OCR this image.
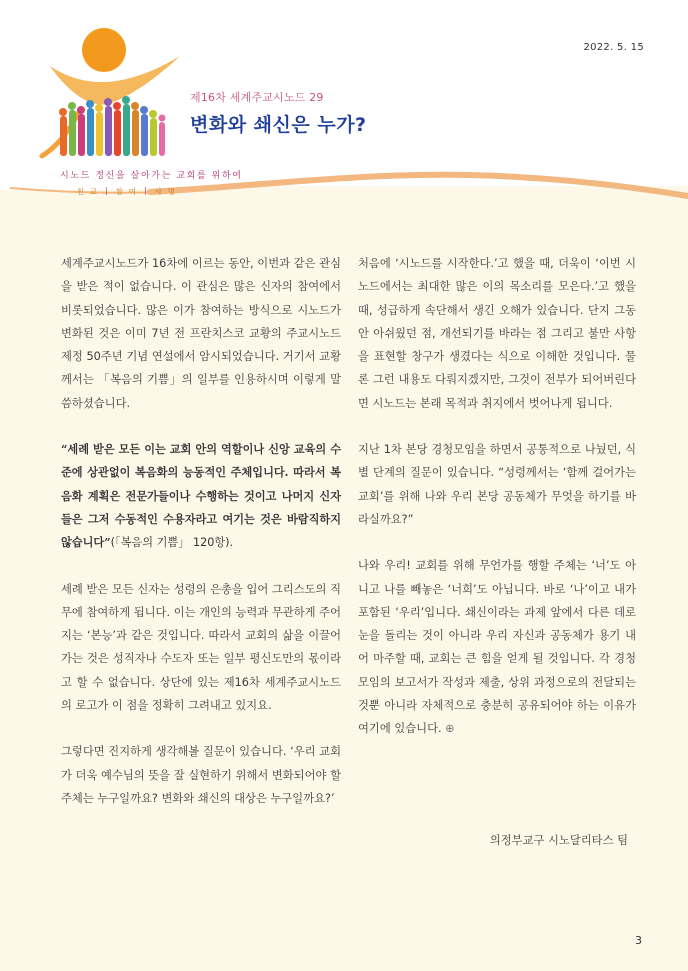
2022. 5. 15
제16차 세계주교시노드 29
변화와 쇄신은 누가?
시노드 정신을 살아가는 교회를 위하여
친 교	|	참 여	|	사 명

세계주교시노드가 16차에 이르는 동안, 이번과 같은 관심을 받은 적이 없습니다. 이 관심은 많은 신자의 참여에서 비롯되었습니다. 많은 이가 참여하는 방식으로 시노드가 변화된 것은 이미 7년 전 프란치스코 교황의 주교시노드 제정 50주년 기념 연설에서 암시되었습니다. 거기서 교황께서는 「복음의 기쁨」의 일부를 인용하시며 이렇게 말씀하셨습니다.

“세례 받은 모든 이는 교회 안의 역할이나 신앙 교육의 수준에 상관없이 복음화의 능동적인 주체입니다. 따라서 복음화 계획은 전문가들이나 수행하는 것이고 나머지 신자들은 그저 수동적인 수용자라고 여기는 것은 바람직하지 않습니다”(「복음의 기쁨」 120항).

세례 받은 모든 신자는 성령의 은총을 입어 그리스도의 직무에 참여하게 됩니다. 이는 개인의 능력과 무관하게 주어지는 ‘본능’과 같은 것입니다. 따라서 교회의 삶을 이끌어가는 것은 성직자나 수도자 또는 일부 평신도만의 몫이라고 할 수 없습니다. 상단에 있는 제16차 세계주교시노드의 로고가 이 점을 정확히 그려내고 있지요.

그렇다면 진지하게 생각해볼 질문이 있습니다. ‘우리 교회가 더욱 예수님의 뜻을 잘 실현하기 위해서 변화되어야 할 주체는 누구일까요? 변화와 쇄신의 대상은 누구일까요?’

처음에 ‘시노드를 시작한다.’고 했을 때, 더욱이 ‘이번 시노드에서는 최대한 많은 이의 목소리를 모은다.’고 했을 때, 성급하게 속단해서 생긴 오해가 있습니다. 단지 그동안 아쉬웠던 점, 개선되기를 바라는 점 그리고 불만 사항을 표현할 창구가 생겼다는 식으로 이해한 것입니다. 물론 그런 내용도 다뤄지겠지만, 그것이 전부가 되어버린다면 시노드는 본래 목적과 취지에서 벗어나게 됩니다.

지난 1차 본당 경청모임을 하면서 공통적으로 나눴던, 식별 단계의 질문이 있습니다. “성령께서는 ‘함께 걸어가는 교회’를 위해 나와 우리 본당 공동체가 무엇을 하기를 바라실까요?”

나와 우리! 교회를 위해 무언가를 행할 주체는 ‘너’도 아니고 나를 빼놓은 ‘너희’도 아닙니다. 바로 ‘나’이고 내가 포함된 ‘우리’입니다. 쇄신이라는 과제 앞에서 다른 데로 눈을 돌리는 것이 아니라 우리 자신과 공동체가 용기 내어 마주할 때, 교회는 큰 힘을 얻게 될 것입니다. 각 경청모임의 보고서가 작성과 제출, 상위 과정으로의 전달되는 것뿐 아니라 자체적으로 충분히 공유되어야 하는 이유가 여기에 있습니다. ⊕

의정부교구 시노달리타스 팀
3
